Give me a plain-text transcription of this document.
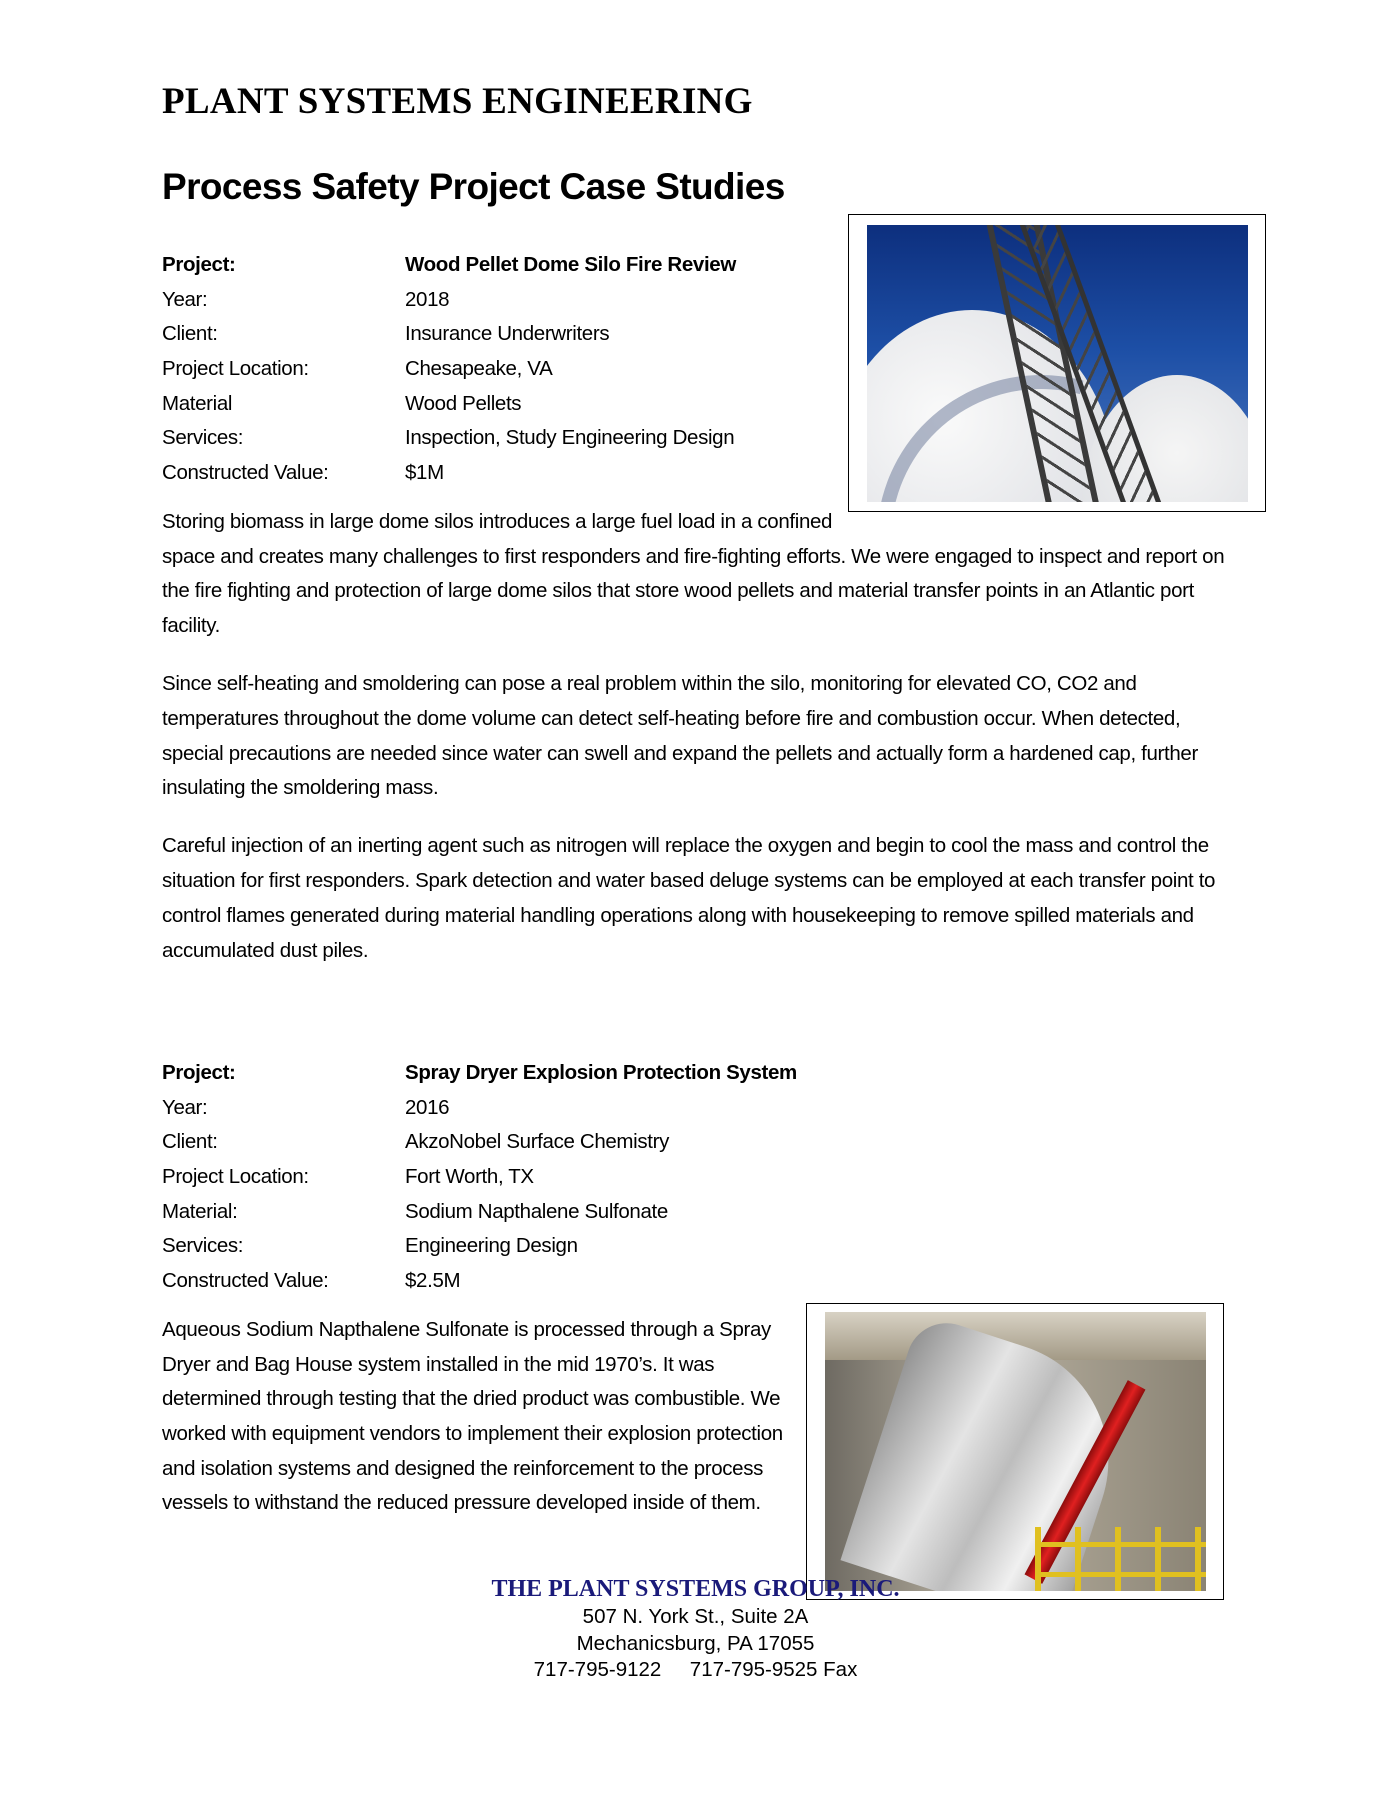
PLANT SYSTEMS ENGINEERING
Process Safety Project Case Studies
Project:	Wood Pellet Dome Silo Fire Review
Year:	2018
Client:	Insurance Underwriters
Project Location:	Chesapeake, VA
Material	Wood Pellets
Services:	Inspection, Study Engineering Design
Constructed Value:	$1M

Storing biomass in large dome silos introduces a large fuel load in a confined space and creates many challenges to first responders and fire-fighting efforts. We were engaged to inspect and report on the fire fighting and protection of large dome silos that store wood pellets and material transfer points in an Atlantic port facility.

Since self-heating and smoldering can pose a real problem within the silo, monitoring for elevated CO, CO2 and temperatures throughout the dome volume can detect self-heating before fire and combustion occur. When detected, special precautions are needed since water can swell and expand the pellets and actually form a hardened cap, further insulating the smoldering mass.

Careful injection of an inerting agent such as nitrogen will replace the oxygen and begin to cool the mass and control the situation for first responders. Spark detection and water based deluge systems can be employed at each transfer point to control flames generated during material handling operations along with housekeeping to remove spilled materials and accumulated dust piles.

Project:	Spray Dryer Explosion Protection System
Year:	2016
Client:	AkzoNobel Surface Chemistry
Project Location:	Fort Worth, TX
Material:	Sodium Napthalene Sulfonate
Services:	Engineering Design
Constructed Value:	$2.5M

Aqueous Sodium Napthalene Sulfonate is processed through a Spray Dryer and Bag House system installed in the mid 1970’s. It was determined through testing that the dried product was combustible. We worked with equipment vendors to implement their explosion protection and isolation systems and designed the reinforcement to the process vessels to withstand the reduced pressure developed inside of them.

THE PLANT SYSTEMS GROUP, INC.
507 N. York St., Suite 2A
Mechanicsburg, PA 17055
717-795-9122     717-795-9525 Fax
